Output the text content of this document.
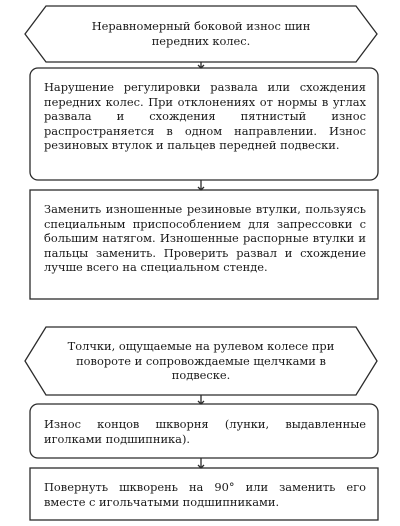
Неравномерный боковой износ шин передних колес.

Нарушение регулировки развала или схождения передних колес. При отклонениях от нормы в углах развала и схождения пятнистый износ распространяется в одном направлении. Износ резиновых втулок и пальцев передней подвески.

Заменить изношенные резиновые втулки, пользуясь специальным приспособлением для запрессовки с большим натягом. Изношенные распорные втулки и пальцы заменить. Проверить развал и схождение лучше всего на специальном стенде.

Толчки, ощущаемые на рулевом колесе при повороте и сопровождаемые щелчками в подвеске.

Износ концов шкворня (лунки, выдавленные иголками подшипника).

Повернуть шкворень на 90° или заменить его вместе с игольчатыми подшипниками.
